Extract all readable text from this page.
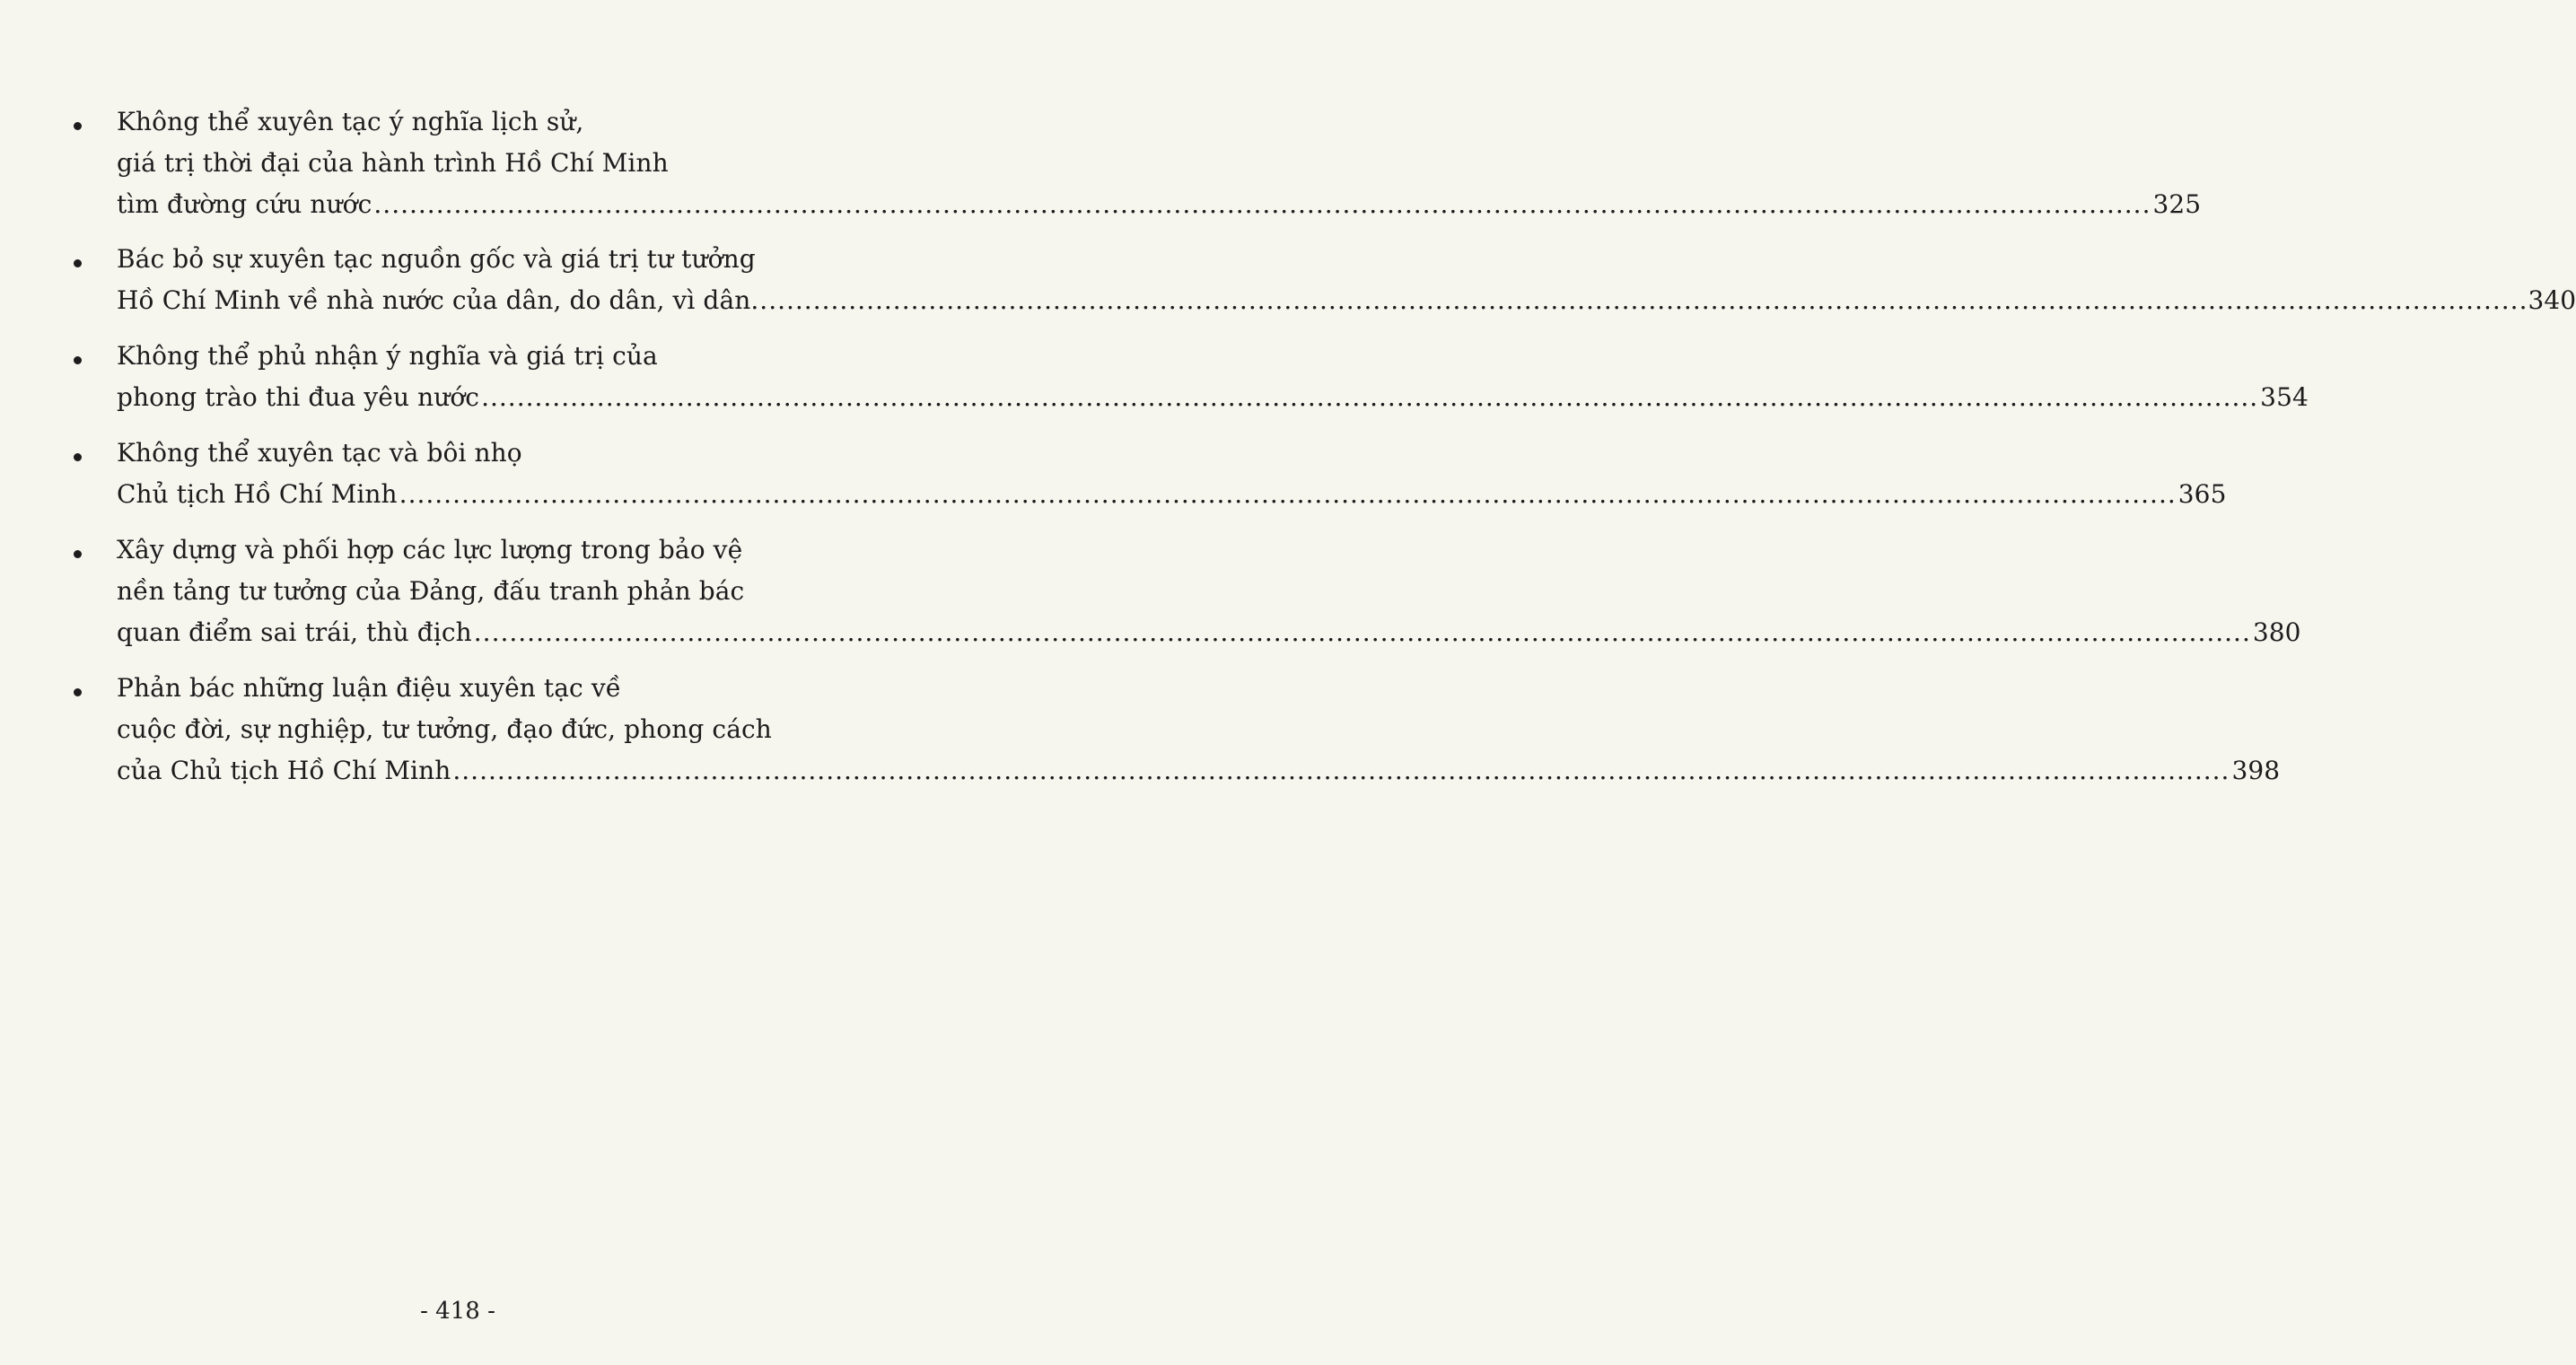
Không thể xuyên tạc ý nghĩa lịch sử,
giá trị thời đại của hành trình Hồ Chí Minh
tìm đường cứu nước ........................................................................................................................................................................................................ 325
Bác bỏ sự xuyên tạc nguồn gốc và giá trị tư tưởng
Hồ Chí Minh về nhà nước của dân, do dân, vì dân ........................................................................................................................................................................................................ 340
Không thể phủ nhận ý nghĩa và giá trị của
phong trào thi đua yêu nước ........................................................................................................................................................................................................ 354
Không thể xuyên tạc và bôi nhọ
Chủ tịch Hồ Chí Minh ........................................................................................................................................................................................................ 365
Xây dựng và phối hợp các lực lượng trong bảo vệ
nền tảng tư tưởng của Đảng, đấu tranh phản bác
quan điểm sai trái, thù địch ........................................................................................................................................................................................................ 380
Phản bác những luận điệu xuyên tạc về
cuộc đời, sự nghiệp, tư tưởng, đạo đức, phong cách
của Chủ tịch Hồ Chí Minh ........................................................................................................................................................................................................ 398
- 418 -
